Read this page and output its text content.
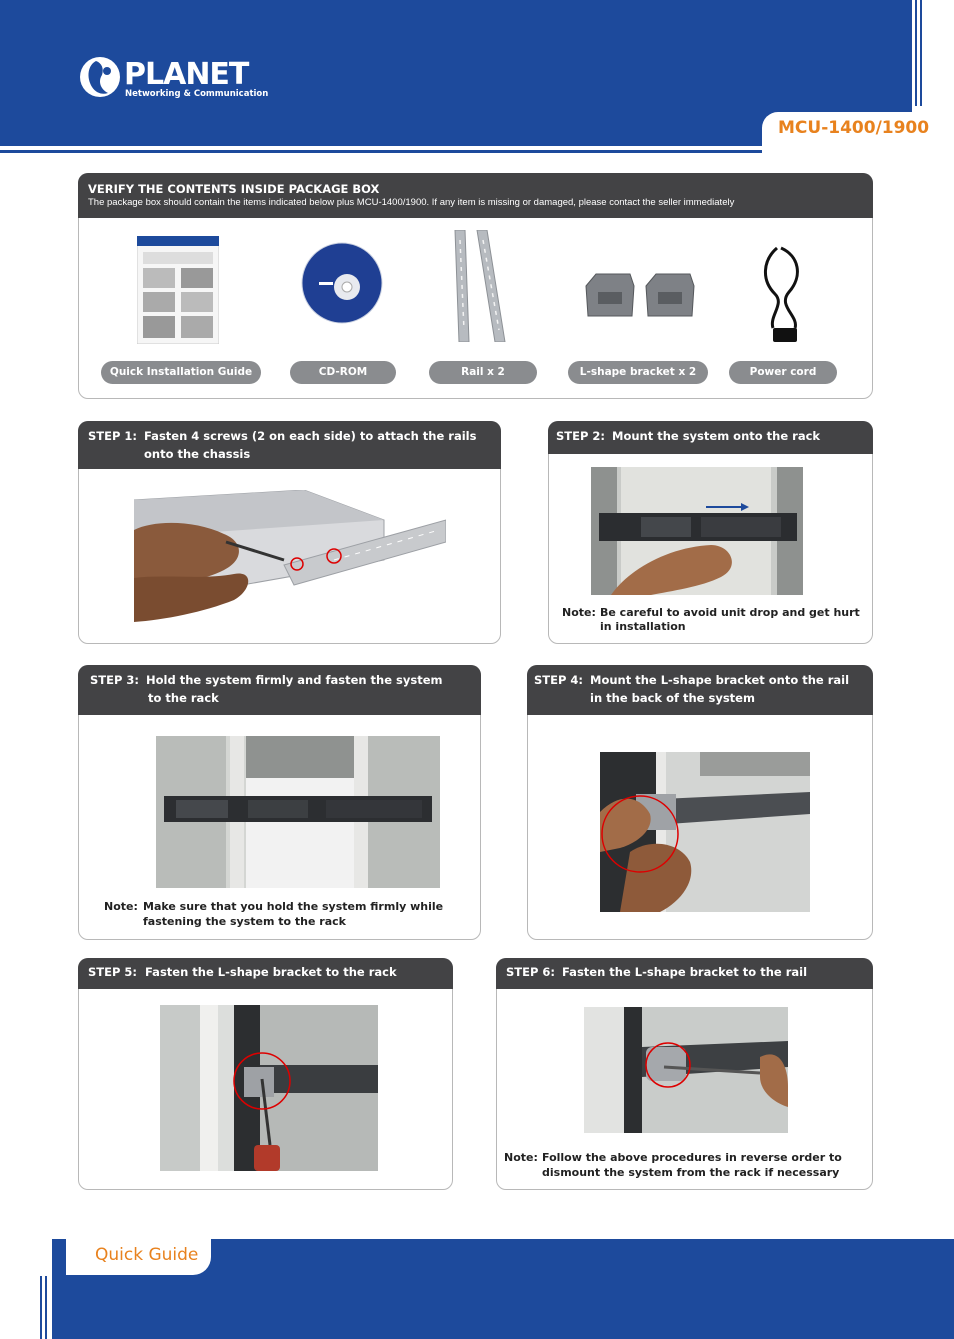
MCU-1400/1900
PLANET
Networking & Communication
VERIFY THE CONTENTS INSIDE PACKAGE BOX
The package box should contain the items indicated below plus MCU-1400/1900. If any item is missing or damaged, please contact the seller immediately
Quick Installation Guide	CD-ROM	Rail x 2	L-shape bracket x 2	Power cord
STEP 1: Fasten 4 screws (2 on each side) to attach the rails
onto the chassis
STEP 2: Mount the system onto the rack
Note: Be careful to avoid unit drop and get hurt
in installation
STEP 3: Hold the system firmly and fasten the system
to the rack
Note: Make sure that you hold the system firmly while
fastening the system to the rack
STEP 4: Mount the L-shape bracket onto the rail
in the back of the system
STEP 5: Fasten the L-shape bracket to the rack	STEP 6: Fasten the L-shape bracket to the rail
Note: Follow the above procedures in reverse order to
dismount the system from the rack if necessary
Quick Guide
